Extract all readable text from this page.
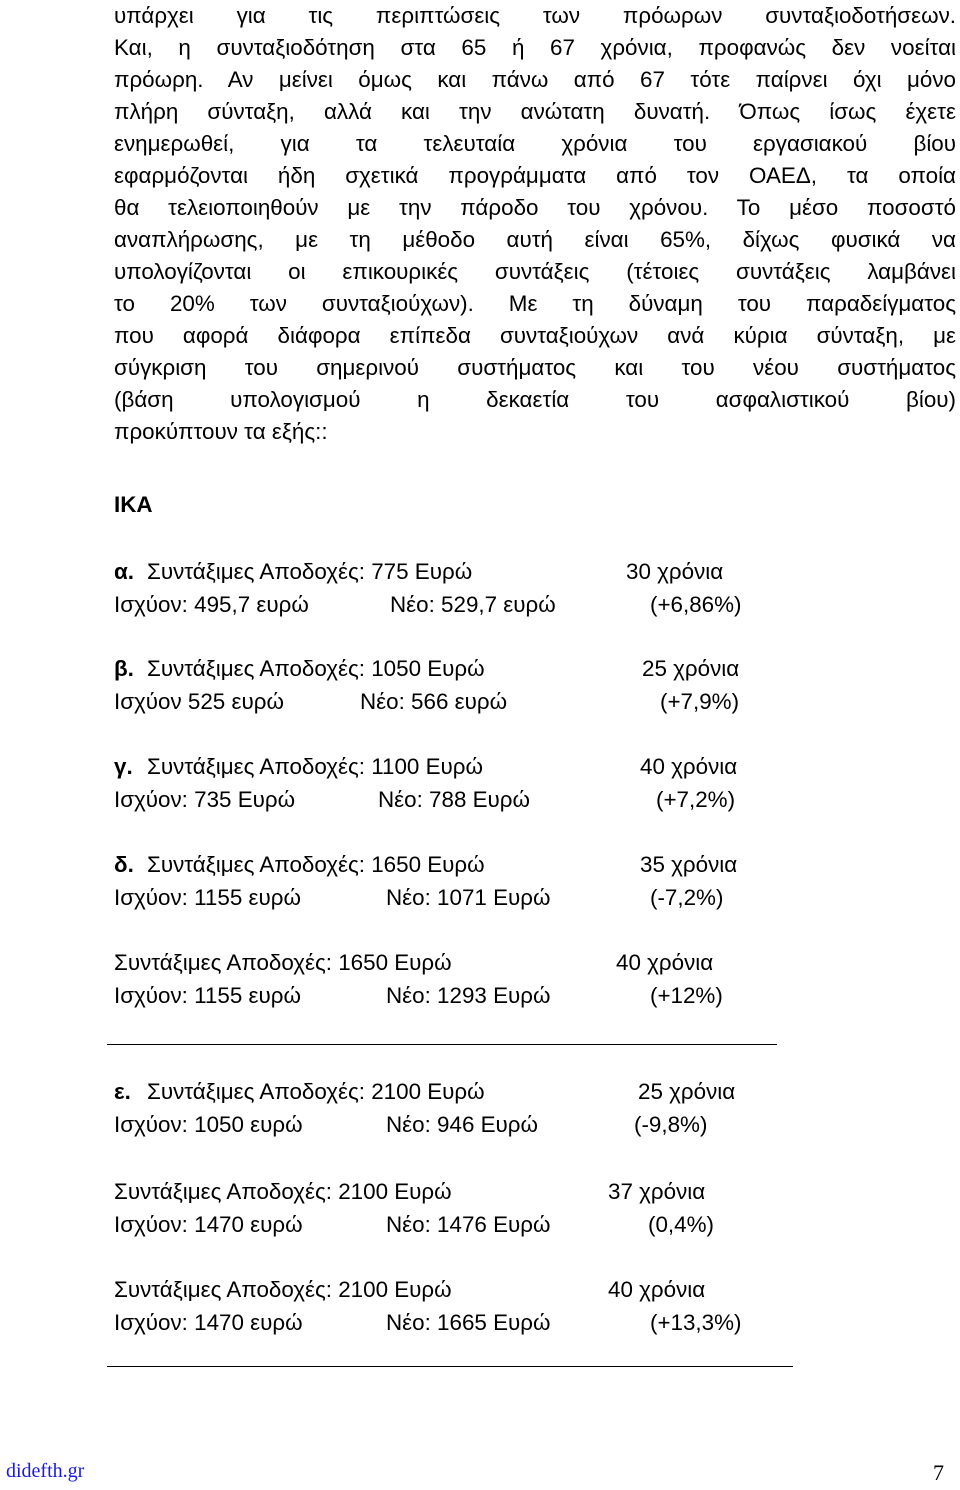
υπάρχει για τις περιπτώσεις των πρόωρων συνταξιοδοτήσεων.
Και, η συνταξιοδότηση στα 65 ή 67 χρόνια, προφανώς δεν νοείται
πρόωρη. Αν μείνει όμως και πάνω από 67 τότε παίρνει όχι μόνο
πλήρη σύνταξη, αλλά και την ανώτατη δυνατή. Όπως ίσως έχετε
ενημερωθεί, για τα τελευταία χρόνια του εργασιακού βίου
εφαρμόζονται ήδη σχετικά προγράμματα από τον ΟΑΕΔ, τα οποία
θα τελειοποιηθούν με την πάροδο του χρόνου. Το μέσο ποσοστό
αναπλήρωσης, με τη μέθοδο αυτή είναι 65%, δίχως φυσικά να
υπολογίζονται οι επικουρικές συντάξεις (τέτοιες συντάξεις λαμβάνει
το 20% των συνταξιούχων). Με τη δύναμη του παραδείγματος
που αφορά διάφορα επίπεδα συνταξιούχων ανά κύρια σύνταξη, με
σύγκριση του σημερινού συστήματος και του νέου συστήματος
(βάση υπολογισμού η δεκαετία του ασφαλιστικού βίου)
προκύπτουν τα εξής::
ΙΚΑ
α. Συντάξιμες Αποδοχές: 775 Ευρώ	30 χρόνια
Ισχύον: 495,7 ευρώ	Νέο: 529,7 ευρώ	(+6,86%)
β. Συντάξιμες Αποδοχές: 1050 Ευρώ	25 χρόνια
Ισχύον 525 ευρώ	Νέο: 566 ευρώ	(+7,9%)
γ. Συντάξιμες Αποδοχές: 1100 Ευρώ	40 χρόνια
Ισχύον: 735 Ευρώ	Νέο: 788 Ευρώ	(+7,2%)
δ. Συντάξιμες Αποδοχές: 1650 Ευρώ	35 χρόνια
Ισχύον: 1155 ευρώ	Νέο: 1071 Ευρώ	(-7,2%)
Συντάξιμες Αποδοχές: 1650 Ευρώ	40 χρόνια
Ισχύον: 1155 ευρώ	Νέο: 1293 Ευρώ	(+12%)
ε. Συντάξιμες Αποδοχές: 2100 Ευρώ	25 χρόνια
Ισχύον: 1050 ευρώ	Νέο: 946 Ευρώ	(-9,8%)
Συντάξιμες Αποδοχές: 2100 Ευρώ	37 χρόνια
Ισχύον: 1470 ευρώ	Νέο: 1476 Ευρώ	(0,4%)
Συντάξιμες Αποδοχές: 2100 Ευρώ	40 χρόνια
Ισχύον: 1470 ευρώ	Νέο: 1665 Ευρώ	(+13,3%)
didefth.gr	7
